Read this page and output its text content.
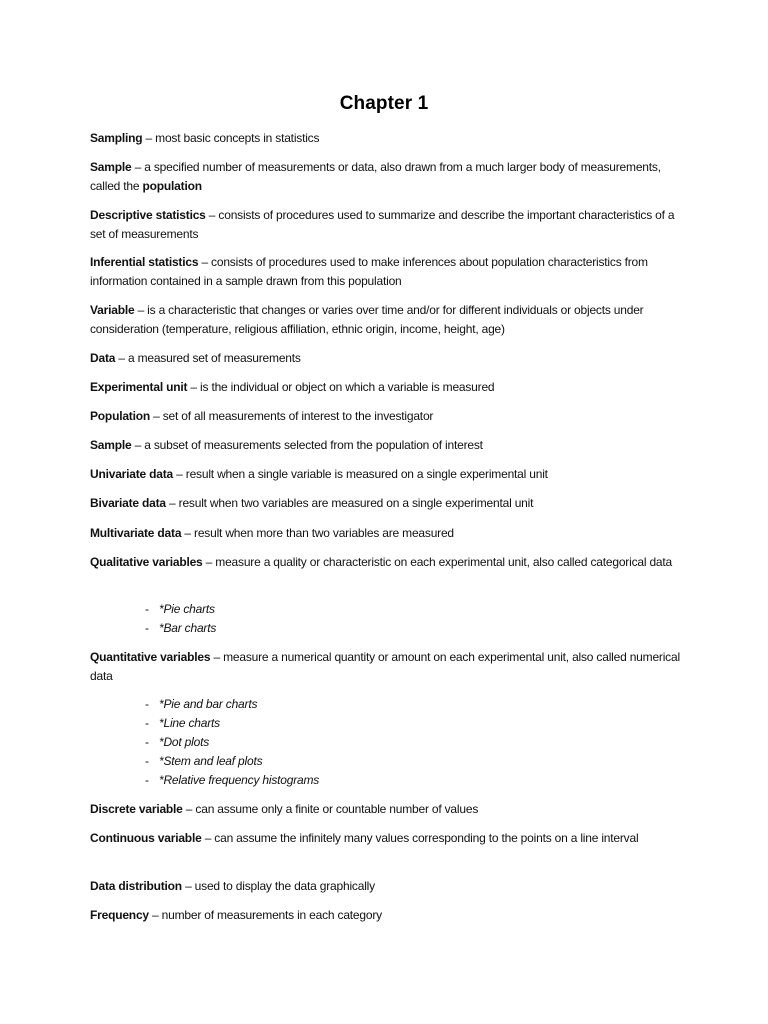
Chapter 1

Sampling – most basic concepts in statistics

Sample – a specified number of measurements or data, also drawn from a much larger body of measurements, called the population

Descriptive statistics – consists of procedures used to summarize and describe the important characteristics of a set of measurements

Inferential statistics – consists of procedures used to make inferences about population characteristics from information contained in a sample drawn from this population

Variable – is a characteristic that changes or varies over time and/or for different individuals or objects under consideration (temperature, religious affiliation, ethnic origin, income, height, age)

Data – a measured set of measurements

Experimental unit – is the individual or object on which a variable is measured

Population – set of all measurements of interest to the investigator

Sample – a subset of measurements selected from the population of interest

Univariate data – result when a single variable is measured on a single experimental unit

Bivariate data – result when two variables are measured on a single experimental unit

Multivariate data – result when more than two variables are measured

Qualitative variables – measure a quality or characteristic on each experimental unit, also called categorical data

- *Pie charts
- *Bar charts

Quantitative variables – measure a numerical quantity or amount on each experimental unit, also called numerical data

- *Pie and bar charts
- *Line charts
- *Dot plots
- *Stem and leaf plots
- *Relative frequency histograms

Discrete variable – can assume only a finite or countable number of values

Continuous variable – can assume the infinitely many values corresponding to the points on a line interval

Data distribution – used to display the data graphically

Frequency – number of measurements in each category
